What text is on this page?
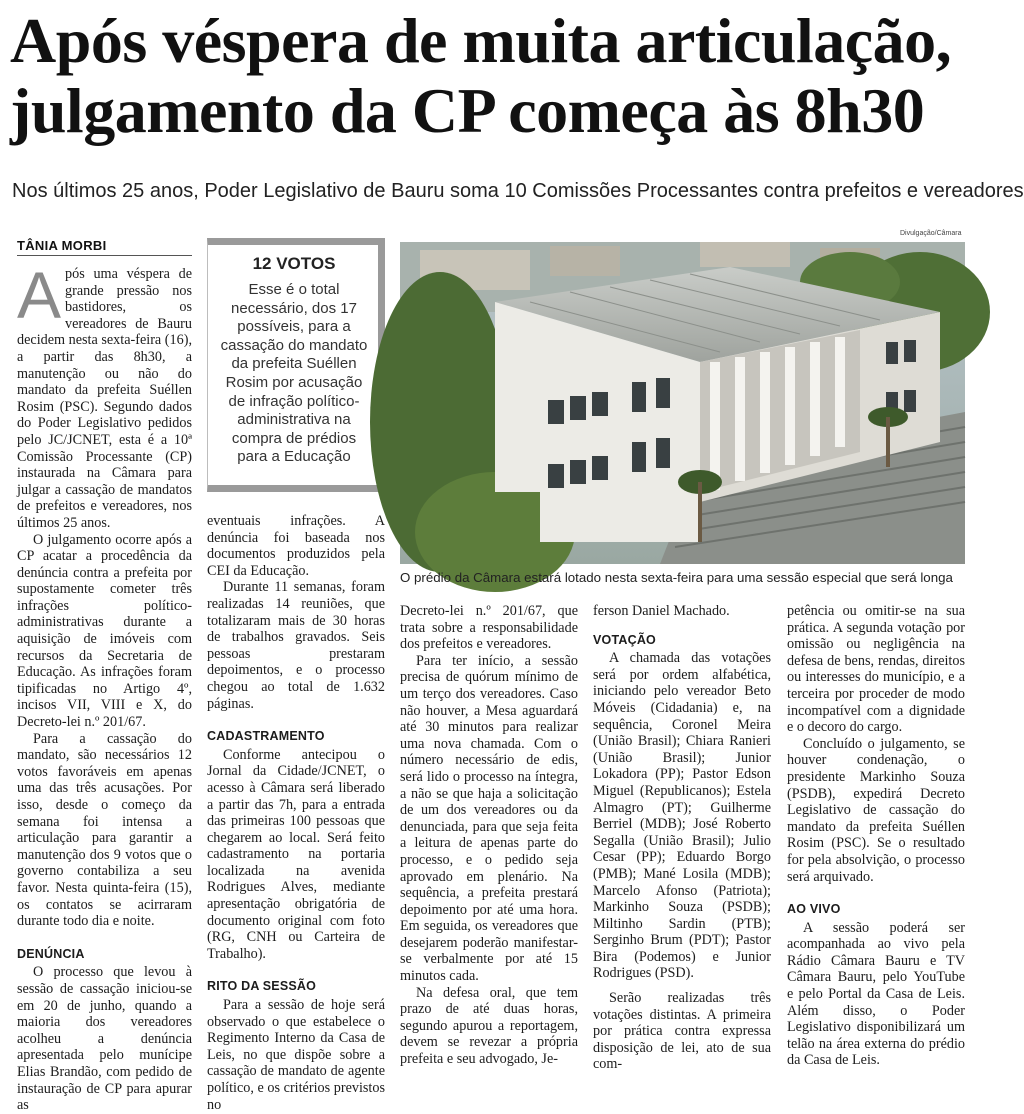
Após véspera de muita articulação,
julgamento da CP começa às 8h30
Nos últimos 25 anos, Poder Legislativo de Bauru soma 10 Comissões Processantes contra prefeitos e vereadores
TÂNIA MORBI

Após uma véspera de grande pressão nos bastidores, os vereadores de Bauru decidem nesta sexta-feira (16), a partir das 8h30, a manutenção ou não do mandato da prefeita Suéllen Rosim (PSC). Segundo dados do Poder Legislativo pedidos pelo JC/JCNET, esta é a 10ª Comissão Processante (CP) instaurada na Câmara para julgar a cassação de mandatos de prefeitos e vereadores, nos últimos 25 anos.

O julgamento ocorre após a CP acatar a procedência da denúncia contra a prefeita por supostamente cometer três infrações político-administrativas durante a aquisição de imóveis com recursos da Secretaria de Educação. As infrações foram tipificadas no Artigo 4º, incisos VII, VIII e X, do Decreto-lei n.º 201/67.

Para a cassação do mandato, são necessários 12 votos favoráveis em apenas uma das três acusações. Por isso, desde o começo da semana foi intensa a articulação para garantir a manutenção dos 9 votos que o governo contabiliza a seu favor. Nesta quinta-feira (15), os contatos se acirraram durante todo dia e noite.

DENÚNCIA

O processo que levou à sessão de cassação iniciou-se em 20 de junho, quando a maioria dos vereadores acolheu a denúncia apresentada pelo munícipe Elias Brandão, com pedido de instauração de CP para apurar as

12 VOTOS
Esse é o total necessário, dos 17 possíveis, para a cassação do mandato da prefeita Suéllen Rosim por acusação de infração político-administrativa na compra de prédios para a Educação

eventuais infrações. A denúncia foi baseada nos documentos produzidos pela CEI da Educação.

Durante 11 semanas, foram realizadas 14 reuniões, que totalizaram mais de 30 horas de trabalhos gravados. Seis pessoas prestaram depoimentos, e o processo chegou ao total de 1.632 páginas.

CADASTRAMENTO

Conforme antecipou o Jornal da Cidade/JCNET, o acesso à Câmara será liberado a partir das 7h, para a entrada das primeiras 100 pessoas que chegarem ao local. Será feito cadastramento na portaria localizada na avenida Rodrigues Alves, mediante apresentação obrigatória de documento original com foto (RG, CNH ou Carteira de Trabalho).

RITO DA SESSÃO

Para a sessão de hoje será observado o que estabelece o Regimento Interno da Casa de Leis, no que dispõe sobre a cassação de mandato de agente político, e os critérios previstos no

Divulgação/Câmara
O prédio da Câmara estará lotado nesta sexta-feira para uma sessão especial que será longa

Decreto-lei n.º 201/67, que trata sobre a responsabilidade dos prefeitos e vereadores.

Para ter início, a sessão precisa de quórum mínimo de um terço dos vereadores. Caso não houver, a Mesa aguardará até 30 minutos para realizar uma nova chamada. Com o número necessário de edis, será lido o processo na íntegra, a não se que haja a solicitação de um dos vereadores ou da denunciada, para que seja feita a leitura de apenas parte do processo, e o pedido seja aprovado em plenário. Na sequência, a prefeita prestará depoimento por até uma hora. Em seguida, os vereadores que desejarem poderão manifestar-se verbalmente por até 15 minutos cada.

Na defesa oral, que tem prazo de até duas horas, segundo apurou a reportagem, devem se revezar a própria prefeita e seu advogado, Je-

ferson Daniel Machado.

VOTAÇÃO

A chamada das votações será por ordem alfabética, iniciando pelo vereador Beto Móveis (Cidadania) e, na sequência, Coronel Meira (União Brasil); Chiara Ranieri (União Brasil); Junior Lokadora (PP); Pastor Edson Miguel (Republicanos); Estela Almagro (PT); Guilherme Berriel (MDB); José Roberto Segalla (União Brasil); Julio Cesar (PP); Eduardo Borgo (PMB); Mané Losila (MDB); Marcelo Afonso (Patriota); Markinho Souza (PSDB); Miltinho Sardin (PTB); Serginho Brum (PDT); Pastor Bira (Podemos) e Junior Rodrigues (PSD).

Serão realizadas três votações distintas. A primeira por prática contra expressa disposição de lei, ato de sua com-

petência ou omitir-se na sua prática. A segunda votação por omissão ou negligência na defesa de bens, rendas, direitos ou interesses do município, e a terceira por proceder de modo incompatível com a dignidade e o decoro do cargo.

Concluído o julgamento, se houver condenação, o presidente Markinho Souza (PSDB), expedirá Decreto Legislativo de cassação do mandato da prefeita Suéllen Rosim (PSC). Se o resultado for pela absolvição, o processo será arquivado.

AO VIVO

A sessão poderá ser acompanhada ao vivo pela Rádio Câmara Bauru e TV Câmara Bauru, pelo YouTube e pelo Portal da Casa de Leis. Além disso, o Poder Legislativo disponibilizará um telão na área externa do prédio da Casa de Leis.
